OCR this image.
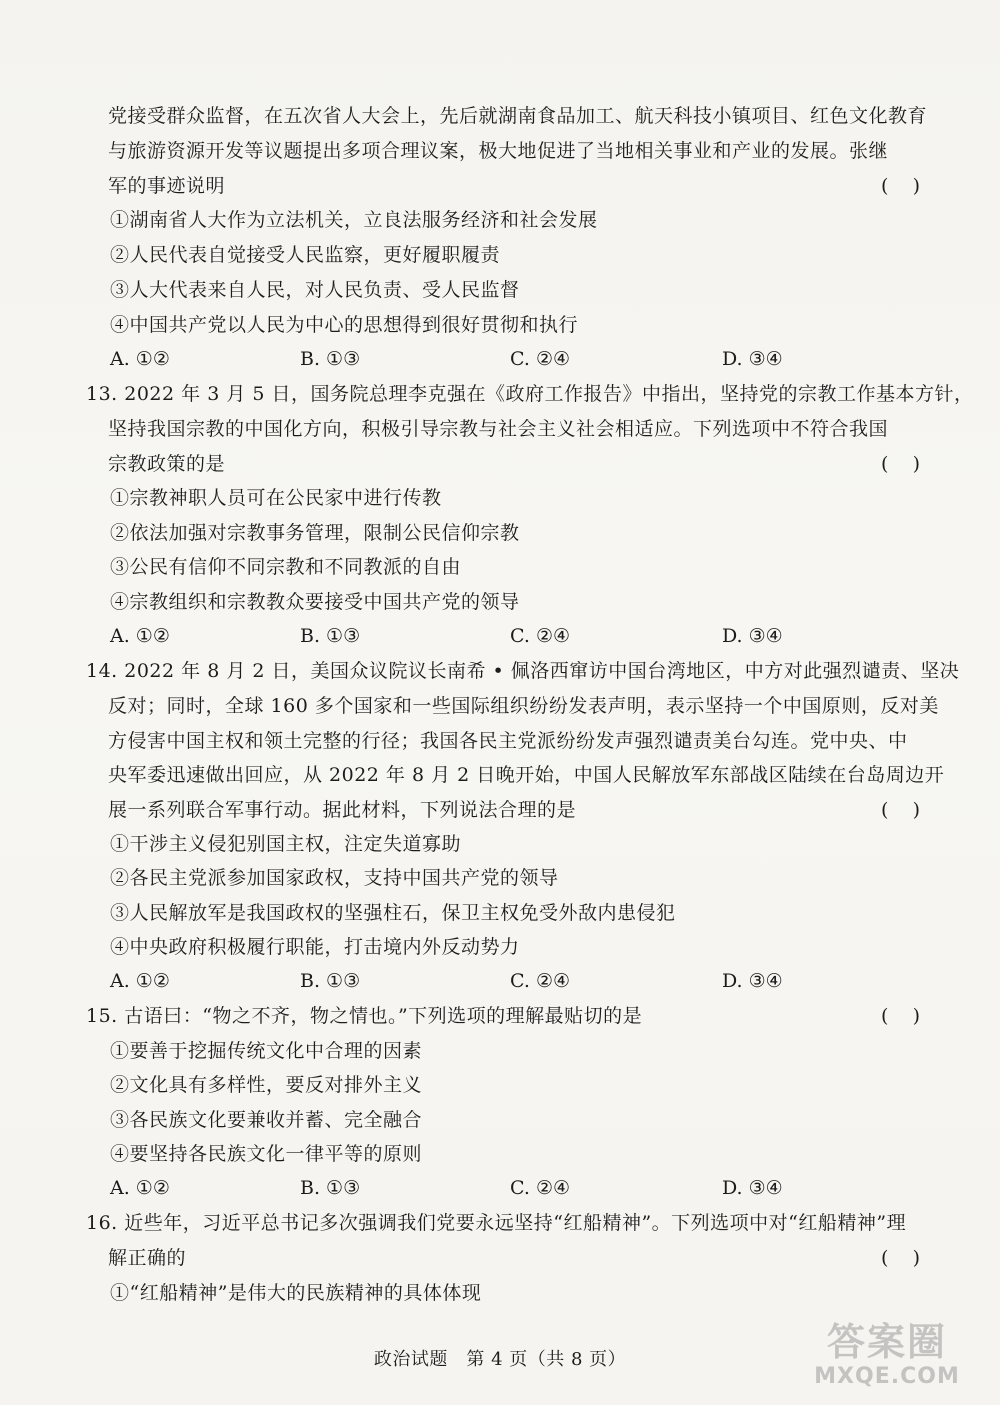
党接受群众监督，在五次省人大会上，先后就湖南食品加工、航天科技小镇项目、红色文化教育
与旅游资源开发等议题提出多项合理议案，极大地促进了当地相关事业和产业的发展。张继
军的事迹说明	(    )
①湖南省人大作为立法机关，立良法服务经济和社会发展
②人民代表自觉接受人民监察，更好履职履责
③人大代表来自人民，对人民负责、受人民监督
④中国共产党以人民为中心的思想得到很好贯彻和执行
A. ①②	B. ①③	C. ②④	D. ③④
13. 2022 年 3 月 5 日，国务院总理李克强在《政府工作报告》中指出，坚持党的宗教工作基本方针，
坚持我国宗教的中国化方向，积极引导宗教与社会主义社会相适应。下列选项中不符合我国
宗教政策的是	(    )
①宗教神职人员可在公民家中进行传教
②依法加强对宗教事务管理，限制公民信仰宗教
③公民有信仰不同宗教和不同教派的自由
④宗教组织和宗教教众要接受中国共产党的领导
A. ①②	B. ①③	C. ②④	D. ③④
14. 2022 年 8 月 2 日，美国众议院议长南希 • 佩洛西窜访中国台湾地区，中方对此强烈谴责、坚决
反对；同时，全球 160 多个国家和一些国际组织纷纷发表声明，表示坚持一个中国原则，反对美
方侵害中国主权和领土完整的行径；我国各民主党派纷纷发声强烈谴责美台勾连。党中央、中
央军委迅速做出回应，从 2022 年 8 月 2 日晚开始，中国人民解放军东部战区陆续在台岛周边开
展一系列联合军事行动。据此材料，下列说法合理的是	(    )
①干涉主义侵犯别国主权，注定失道寡助
②各民主党派参加国家政权，支持中国共产党的领导
③人民解放军是我国政权的坚强柱石，保卫主权免受外敌内患侵犯
④中央政府积极履行职能，打击境内外反动势力
A. ①②	B. ①③	C. ②④	D. ③④
15. 古语曰：“物之不齐，物之情也。”下列选项的理解最贴切的是	(    )
①要善于挖掘传统文化中合理的因素
②文化具有多样性，要反对排外主义
③各民族文化要兼收并蓄、完全融合
④要坚持各民族文化一律平等的原则
A. ①②	B. ①③	C. ②④	D. ③④
16. 近些年，习近平总书记多次强调我们党要永远坚持“红船精神”。下列选项中对“红船精神”理
解正确的	(    )
①“红船精神”是伟大的民族精神的具体体现
政治试题　第 4 页（共 8 页）	答案圈
MXQE.COM
